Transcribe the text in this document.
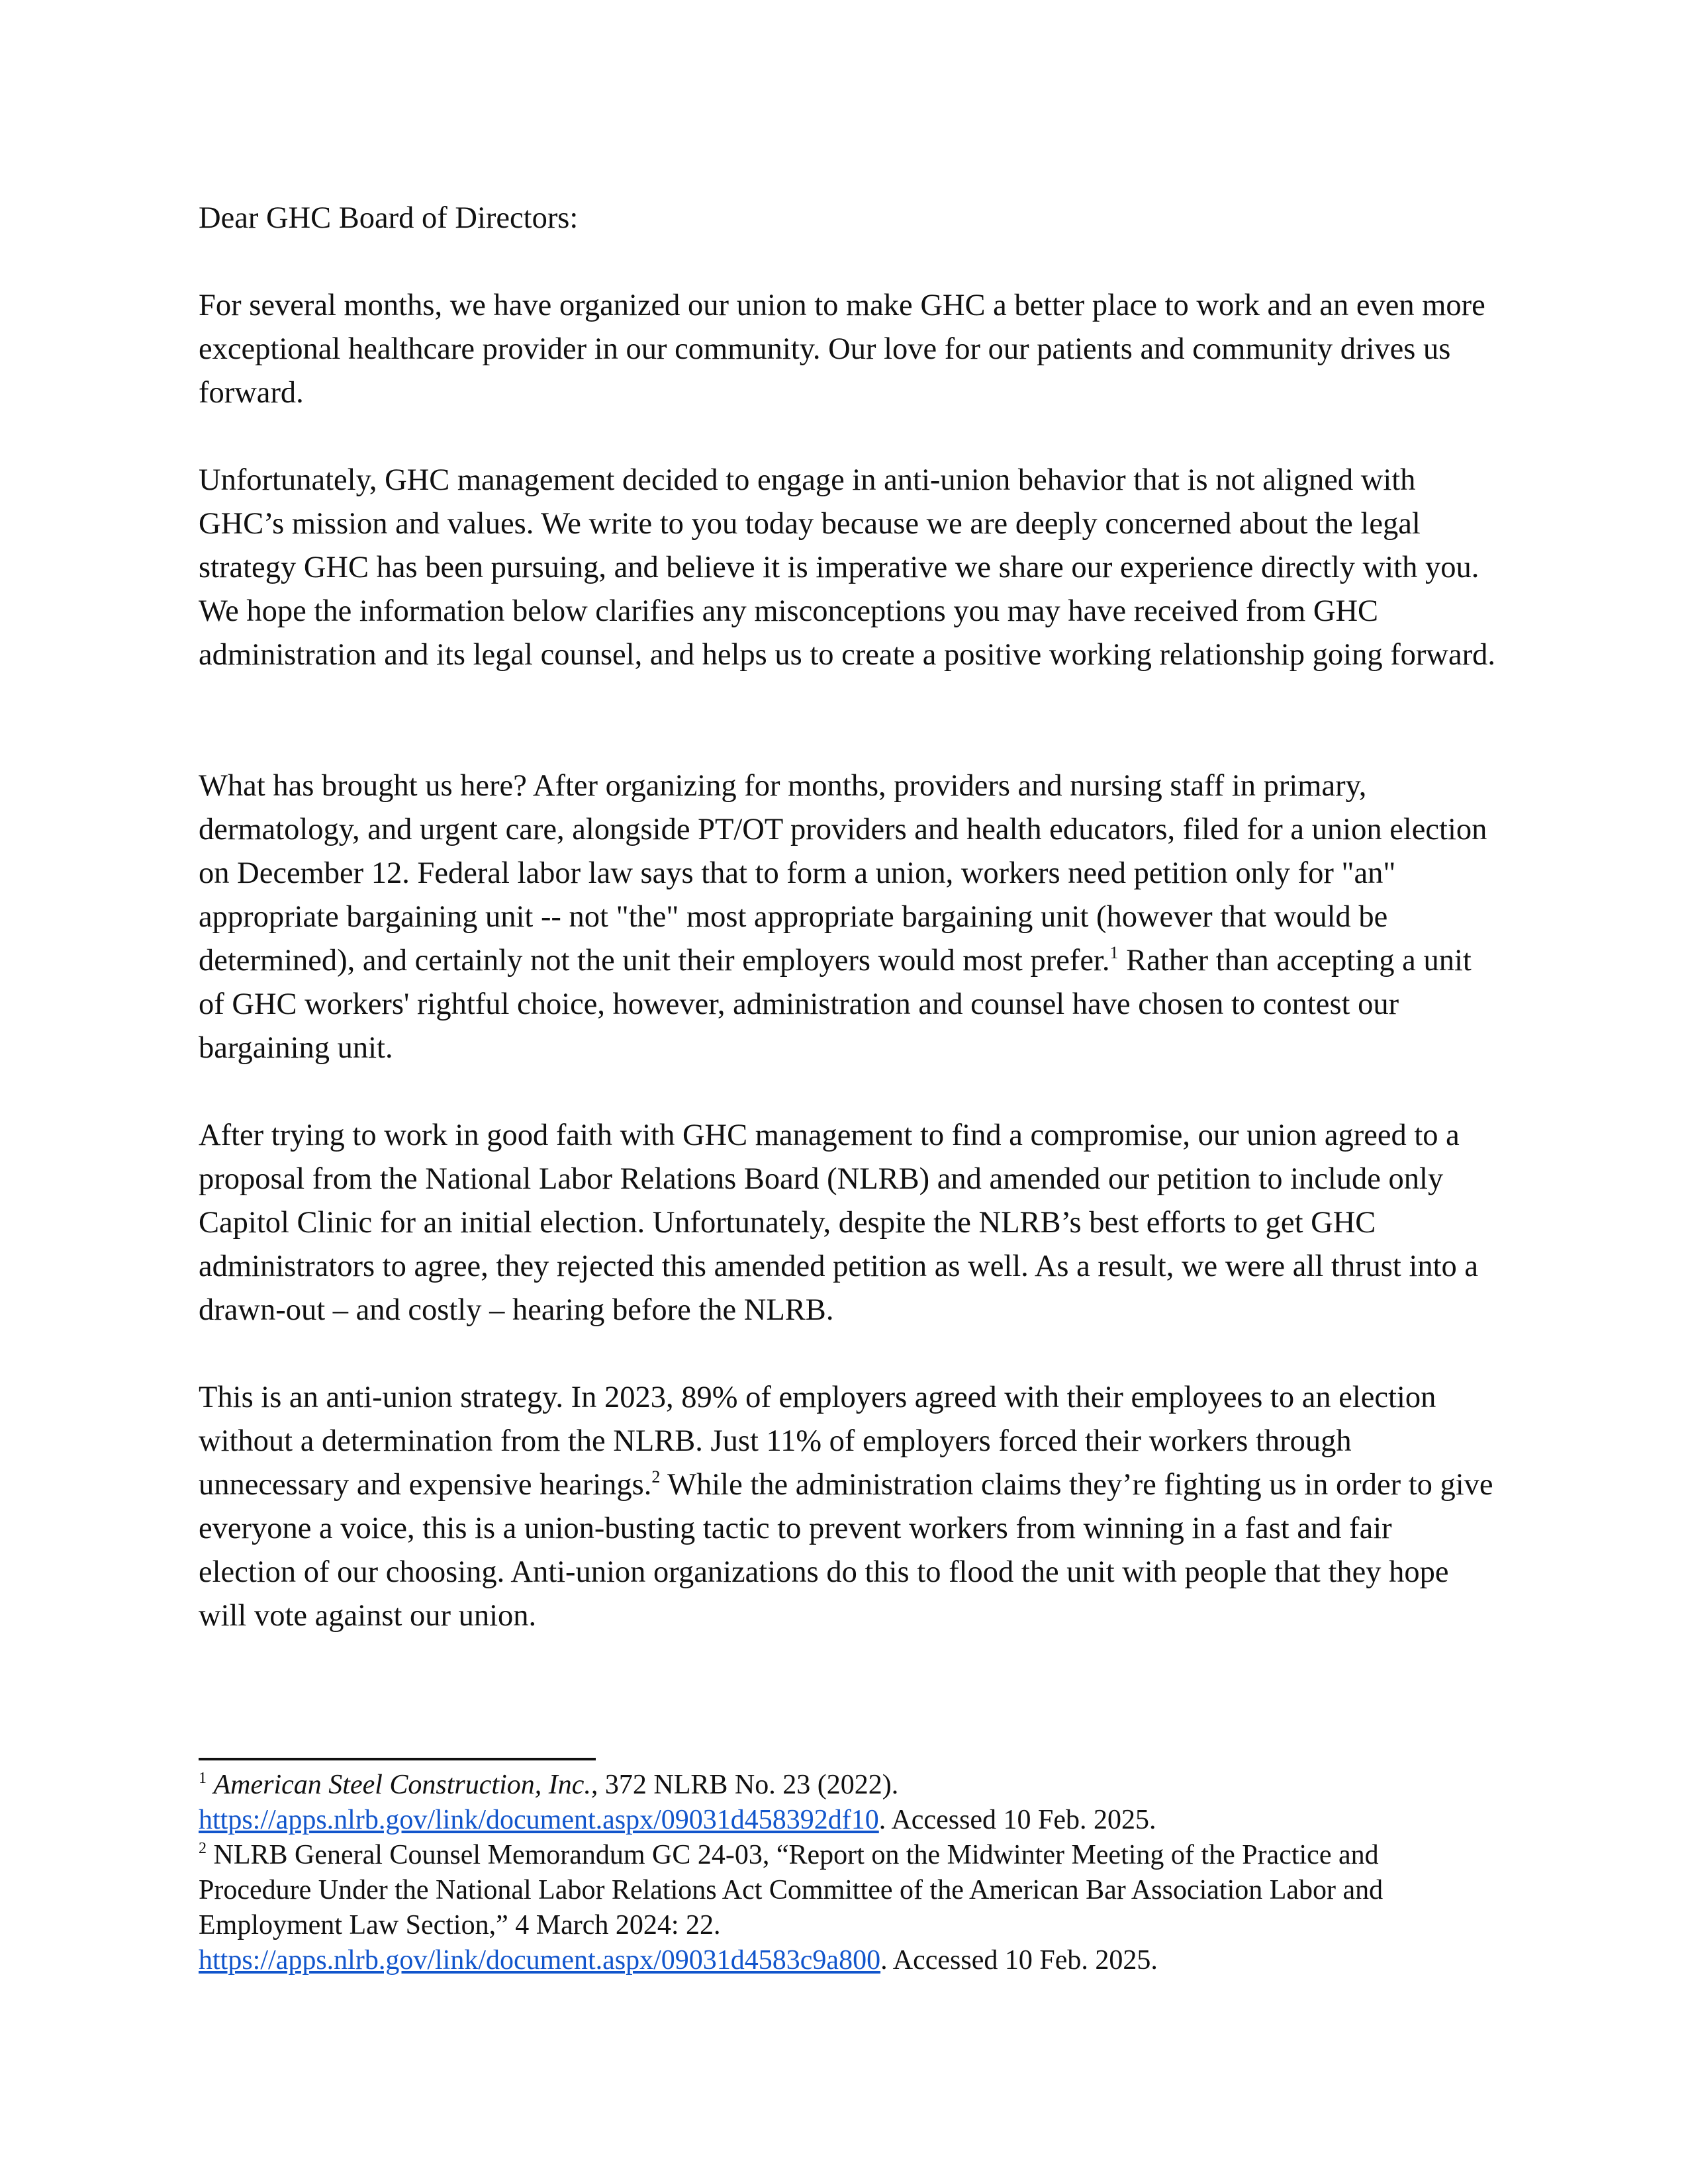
Dear GHC Board of Directors:

For several months, we have organized our union to make GHC a better place to work and an even more exceptional healthcare provider in our community. Our love for our patients and community drives us forward.

Unfortunately, GHC management decided to engage in anti-union behavior that is not aligned with GHC’s mission and values. We write to you today because we are deeply concerned about the legal strategy GHC has been pursuing, and believe it is imperative we share our experience directly with you. We hope the information below clarifies any misconceptions you may have received from GHC administration and its legal counsel, and helps us to create a positive working relationship going forward.

What has brought us here? After organizing for months, providers and nursing staff in primary, dermatology, and urgent care, alongside PT/OT providers and health educators, filed for a union election on December 12. Federal labor law says that to form a union, workers need petition only for "an" appropriate bargaining unit -- not "the" most appropriate bargaining unit (however that would be determined), and certainly not the unit their employers would most prefer.$^1$ Rather than accepting a unit of GHC workers' rightful choice, however, administration and counsel have chosen to contest our bargaining unit.

After trying to work in good faith with GHC management to find a compromise, our union agreed to a proposal from the National Labor Relations Board (NLRB) and amended our petition to include only Capitol Clinic for an initial election. Unfortunately, despite the NLRB’s best efforts to get GHC administrators to agree, they rejected this amended petition as well. As a result, we were all thrust into a drawn-out – and costly – hearing before the NLRB.

This is an anti-union strategy. In 2023, 89% of employers agreed with their employees to an election without a determination from the NLRB. Just 11% of employers forced their workers through unnecessary and expensive hearings.$^2$ While the administration claims they’re fighting us in order to give everyone a voice, this is a union-busting tactic to prevent workers from winning in a fast and fair election of our choosing. Anti-union organizations do this to flood the unit with people that they hope will vote against our union.

$^1$ American Steel Construction, Inc., 372 NLRB No. 23 (2022).
https://apps.nlrb.gov/link/document.aspx/09031d458392df10. Accessed 10 Feb. 2025.

$^2$ NLRB General Counsel Memorandum GC 24-03, “Report on the Midwinter Meeting of the Practice and Procedure Under the National Labor Relations Act Committee of the American Bar Association Labor and Employment Law Section,” 4 March 2024: 22.
https://apps.nlrb.gov/link/document.aspx/09031d4583c9a800. Accessed 10 Feb. 2025.
